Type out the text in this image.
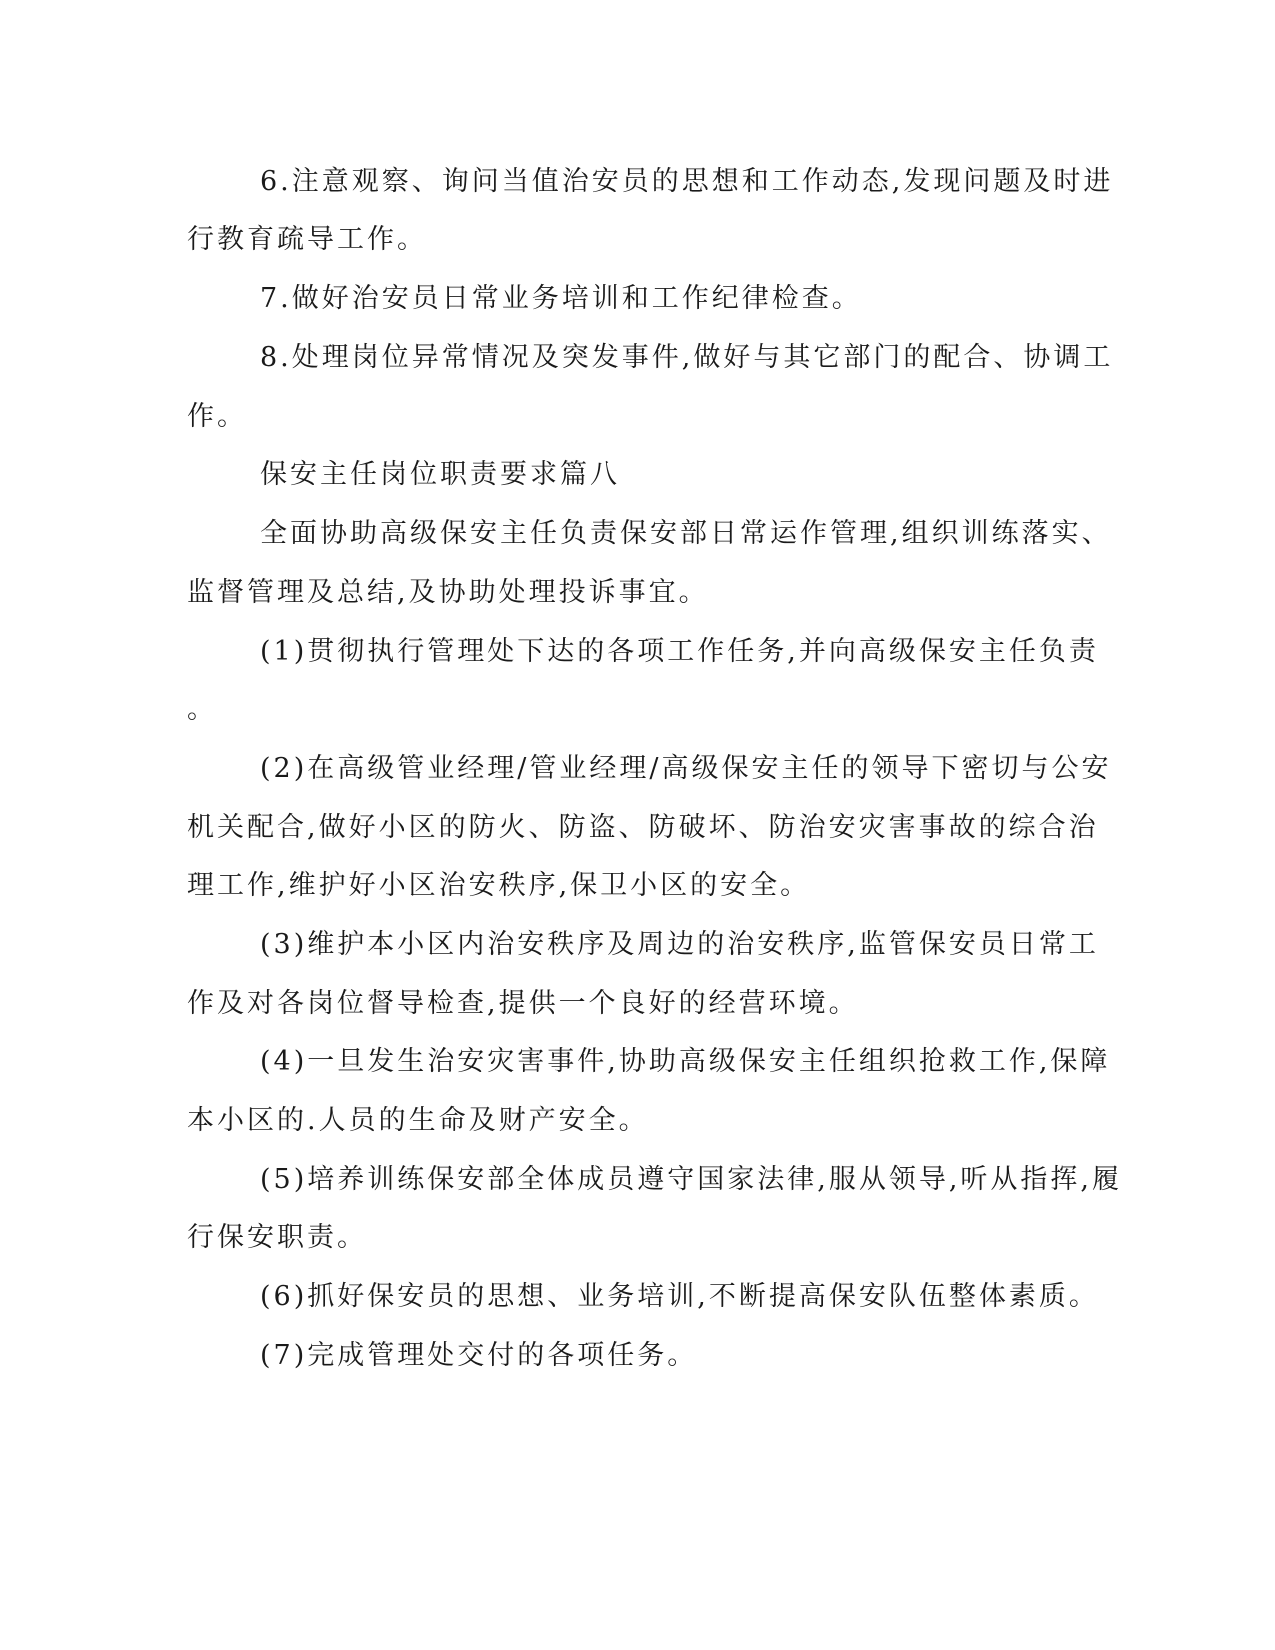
6.注意观察、询问当值治安员的思想和工作动态,发现问题及时进

行教育疏导工作。

7.做好治安员日常业务培训和工作纪律检查。

8.处理岗位异常情况及突发事件,做好与其它部门的配合、协调工

作。

保安主任岗位职责要求篇八

全面协助高级保安主任负责保安部日常运作管理,组织训练落实、

监督管理及总结,及协助处理投诉事宜。

(1)贯彻执行管理处下达的各项工作任务,并向高级保安主任负责

。

(2)在高级管业经理/管业经理/高级保安主任的领导下密切与公安

机关配合,做好小区的防火、防盗、防破坏、防治安灾害事故的综合治

理工作,维护好小区治安秩序,保卫小区的安全。

(3)维护本小区内治安秩序及周边的治安秩序,监管保安员日常工

作及对各岗位督导检查,提供一个良好的经营环境。

(4)一旦发生治安灾害事件,协助高级保安主任组织抢救工作,保障

本小区的.人员的生命及财产安全。

(5)培养训练保安部全体成员遵守国家法律,服从领导,听从指挥,履

行保安职责。

(6)抓好保安员的思想、业务培训,不断提高保安队伍整体素质。

(7)完成管理处交付的各项任务。
